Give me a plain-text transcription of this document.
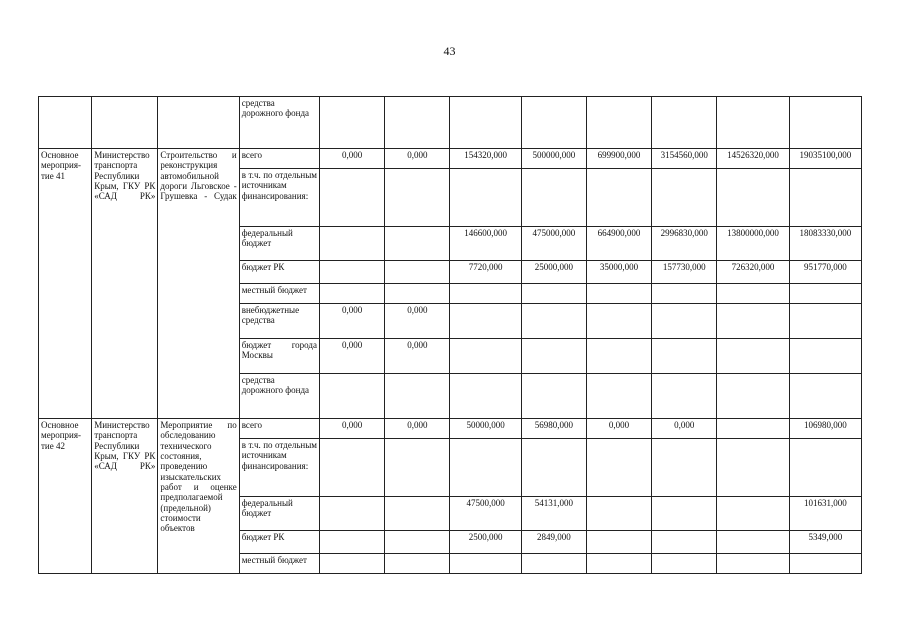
43
			средства дорожного фонда								
Основное мероприя-тие 41	Министерство транспорта Республики Крым, ГКУ РК «САД РК»	Строительство и реконструкция автомобильной дороги Льговское - Грушевка - Судак	всего	0,000	0,000	154320,000	500000,000	699900,000	3154560,000	14526320,000	19035100,000
			в т.ч. по отдельным источникам финансирования:								
			федеральный бюджет			146600,000	475000,000	664900,000	2996830,000	13800000,000	18083330,000
			бюджет РК			7720,000	25000,000	35000,000	157730,000	726320,000	951770,000
			местный бюджет								
			внебюджетные средства	0,000	0,000						
			бюджет города Москвы	0,000	0,000						
			средства дорожного фонда								
Основное мероприя-тие 42	Министерство транспорта Республики Крым, ГКУ РК «САД РК»	Мероприятие по обследованию технического состояния, проведению изыскательских работ и оценке предполагаемой (предельной) стоимости объектов	всего	0,000	0,000	50000,000	56980,000	0,000	0,000		106980,000
			в т.ч. по отдельным источникам финансирования:								
			федеральный бюджет			47500,000	54131,000				101631,000
			бюджет РК			2500,000	2849,000				5349,000
			местный бюджет								
